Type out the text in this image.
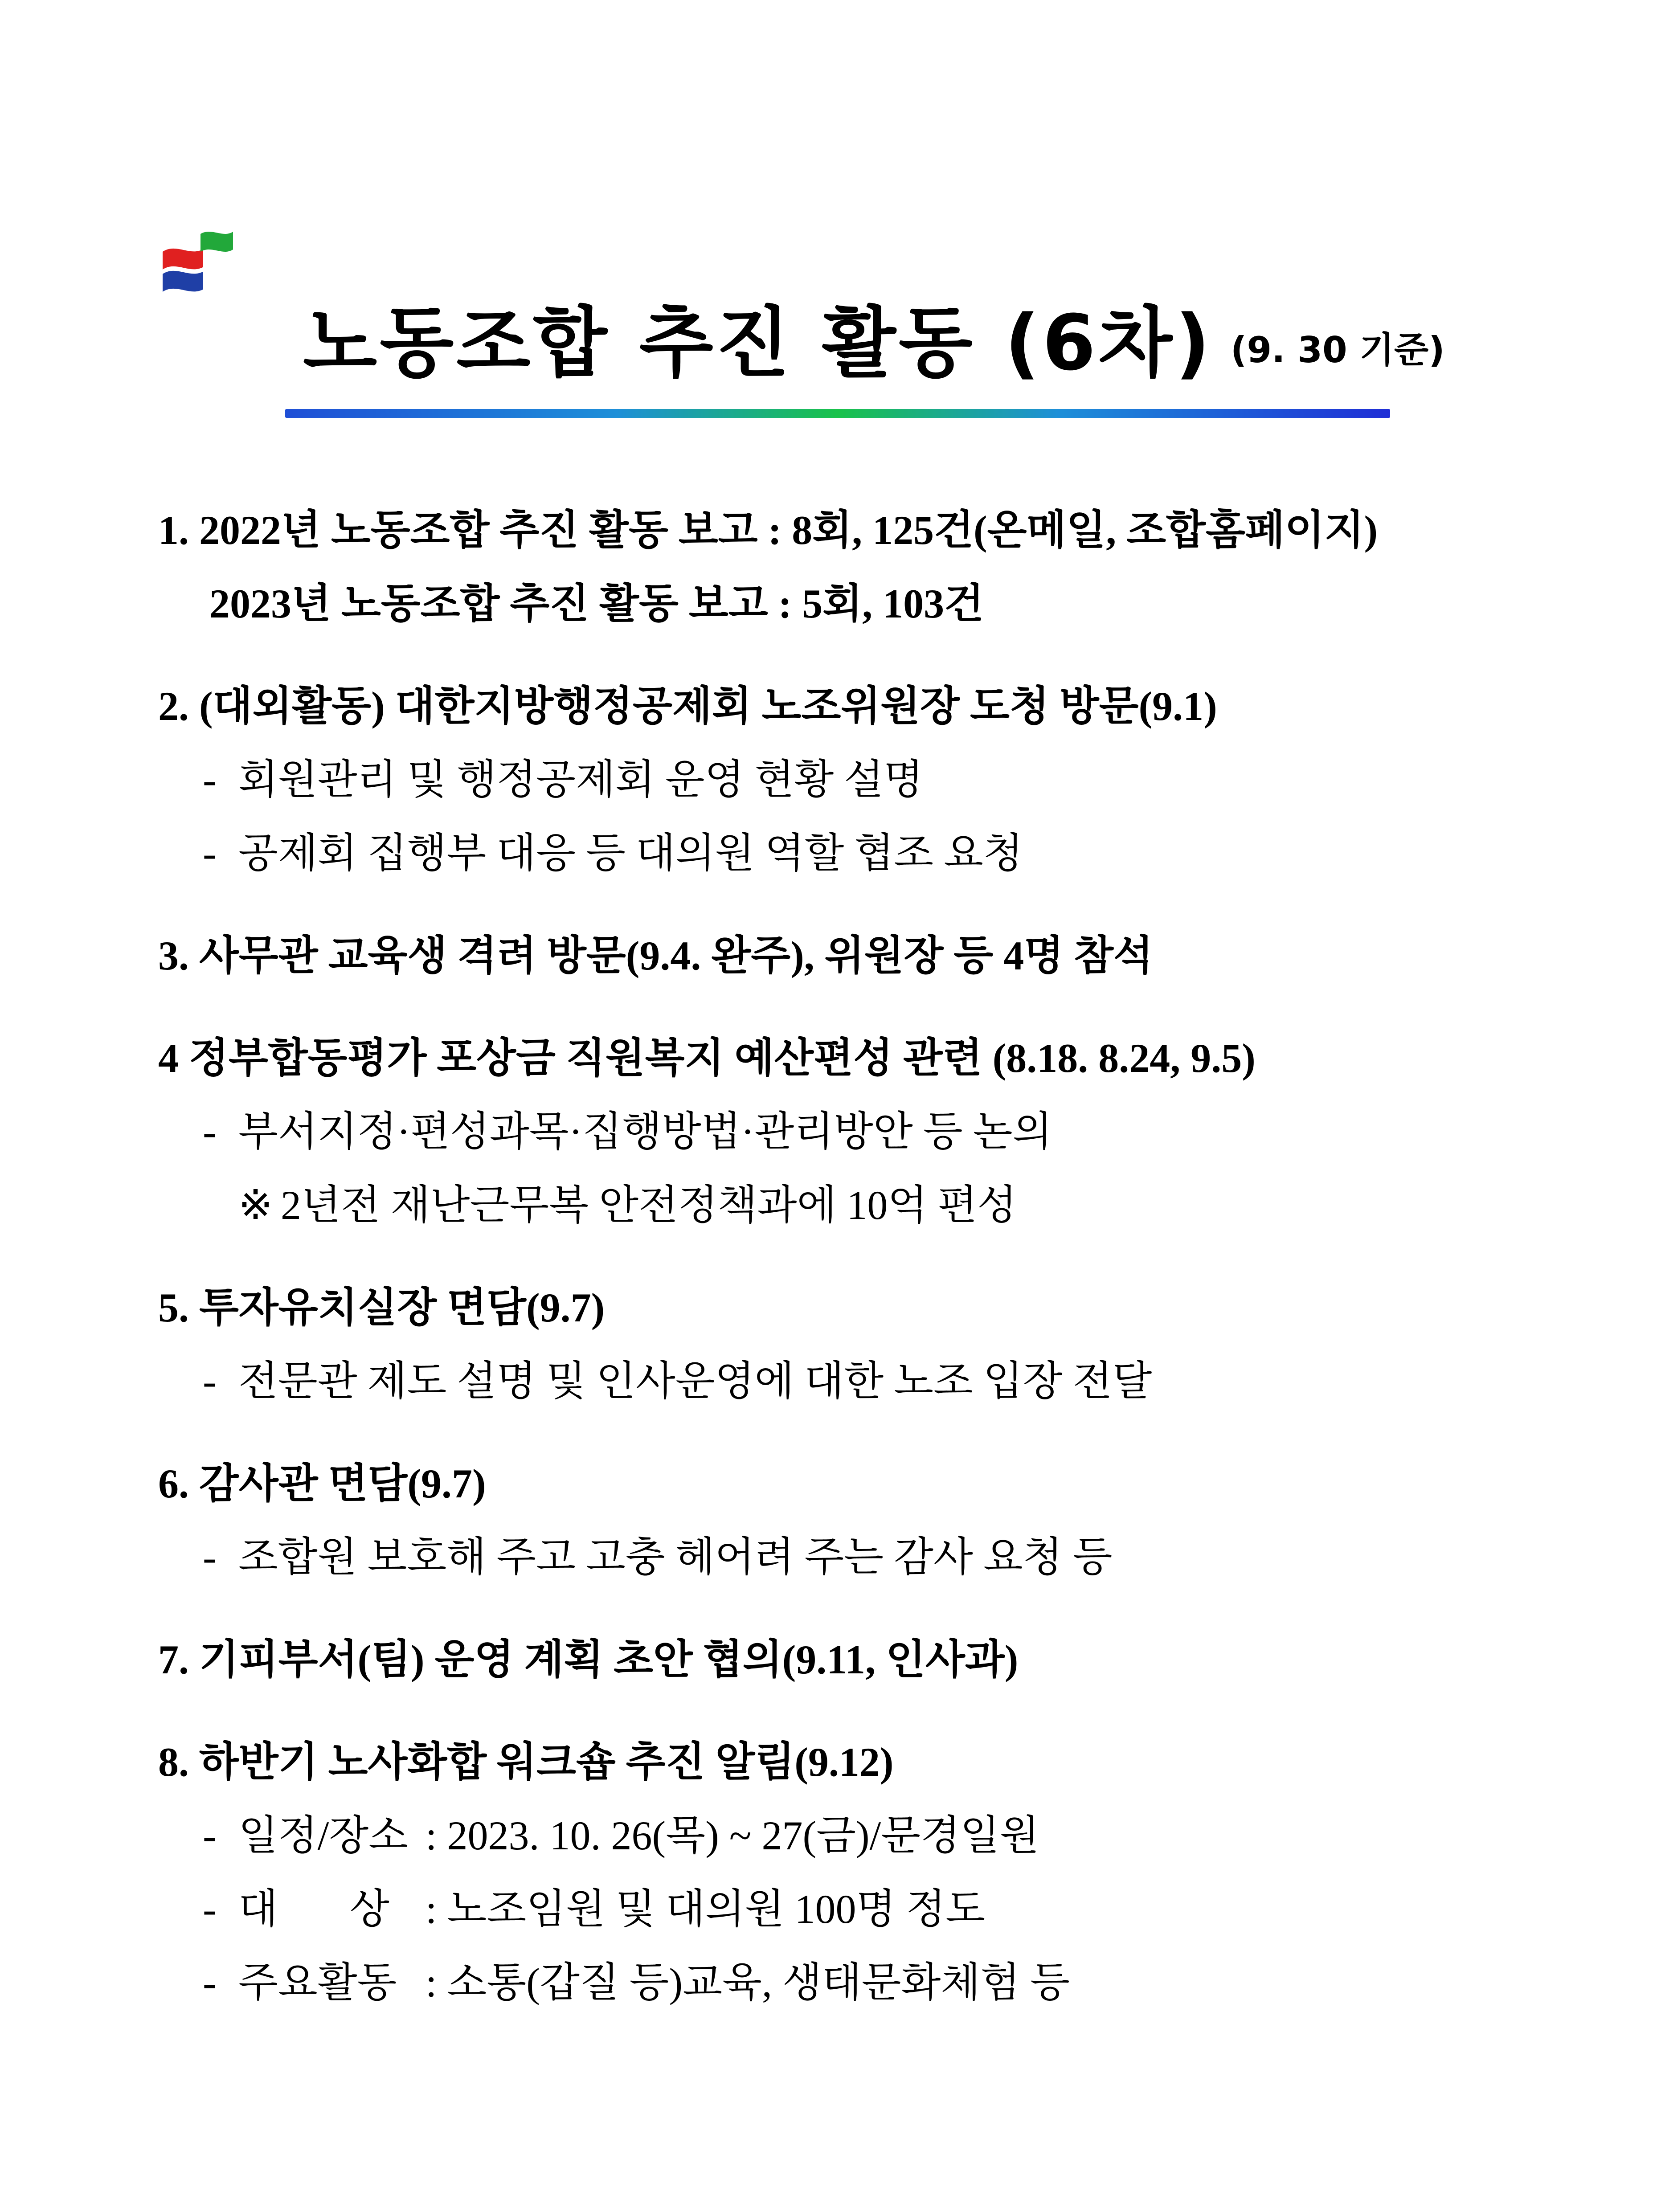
노동조합 추진 활동 (6차) (9. 30 기준)
1. 2022년 노동조합 추진 활동 보고 : 8회, 125건(온메일, 조합홈페이지)
2023년 노동조합 추진 활동 보고 : 5회, 103건
2. (대외활동) 대한지방행정공제회 노조위원장 도청 방문(9.1)
- 회원관리 및 행정공제회 운영 현황 설명
- 공제회 집행부 대응 등 대의원 역할 협조 요청
3. 사무관 교육생 격려 방문(9.4. 완주), 위원장 등 4명 참석
4 정부합동평가 포상금 직원복지 예산편성 관련 (8.18. 8.24, 9.5)
- 부서지정·편성과목·집행방법·관리방안 등 논의
※ 2년전 재난근무복 안전정책과에 10억 편성
5. 투자유치실장 면담(9.7)
- 전문관 제도 설명 및 인사운영에 대한 노조 입장 전달
6. 감사관 면담(9.7)
- 조합원 보호해 주고 고충 헤어려 주는 감사 요청 등
7. 기피부서(팀) 운영 계획 초안 협의(9.11, 인사과)
8. 하반기 노사화합 워크숍 추진 알림(9.12)
- 일정/장소 : 2023. 10. 26(목) ~ 27(금)/문경일원
- 대       상 : 노조임원 및 대의원 100명 정도
- 주요활동 : 소통(갑질 등)교육, 생태문화체험 등
